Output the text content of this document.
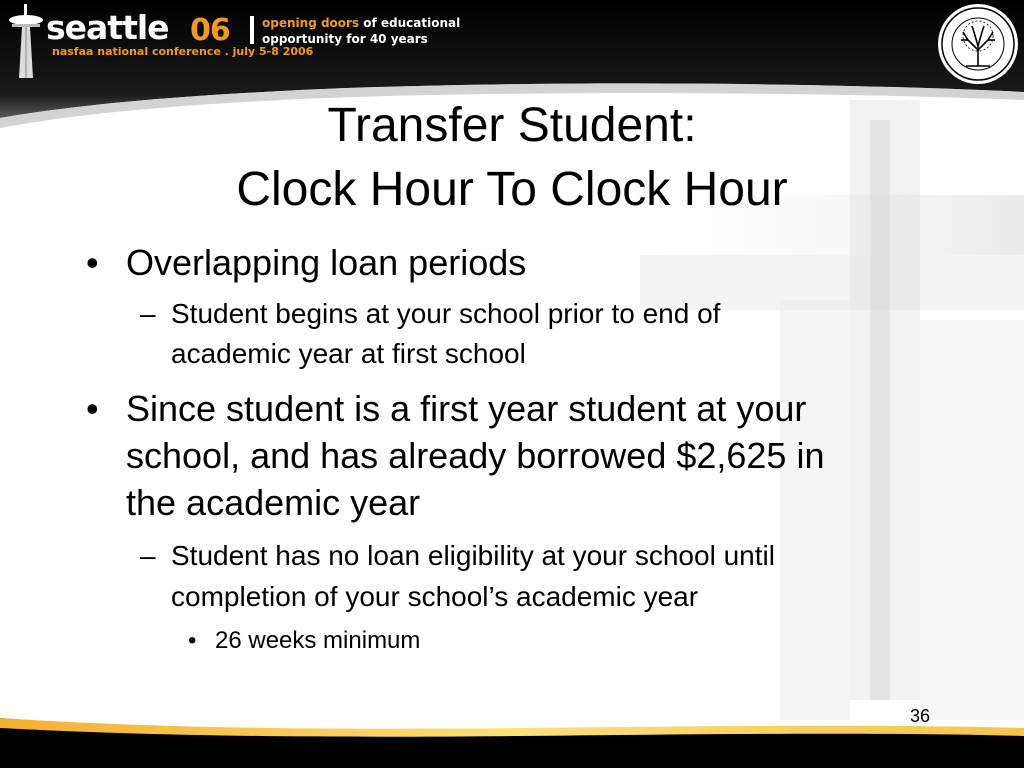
seattle 06
nasfaa national conference . july 5-8 2006
opening doors of educational
opportunity for 40 years
Transfer Student:
Clock Hour To Clock Hour
• Overlapping loan periods
– Student begins at your school prior to end of
academic year at first school
• Since student is a first year student at your
school, and has already borrowed $2,625 in
the academic year
– Student has no loan eligibility at your school until
completion of your school’s academic year
• 26 weeks minimum
36
